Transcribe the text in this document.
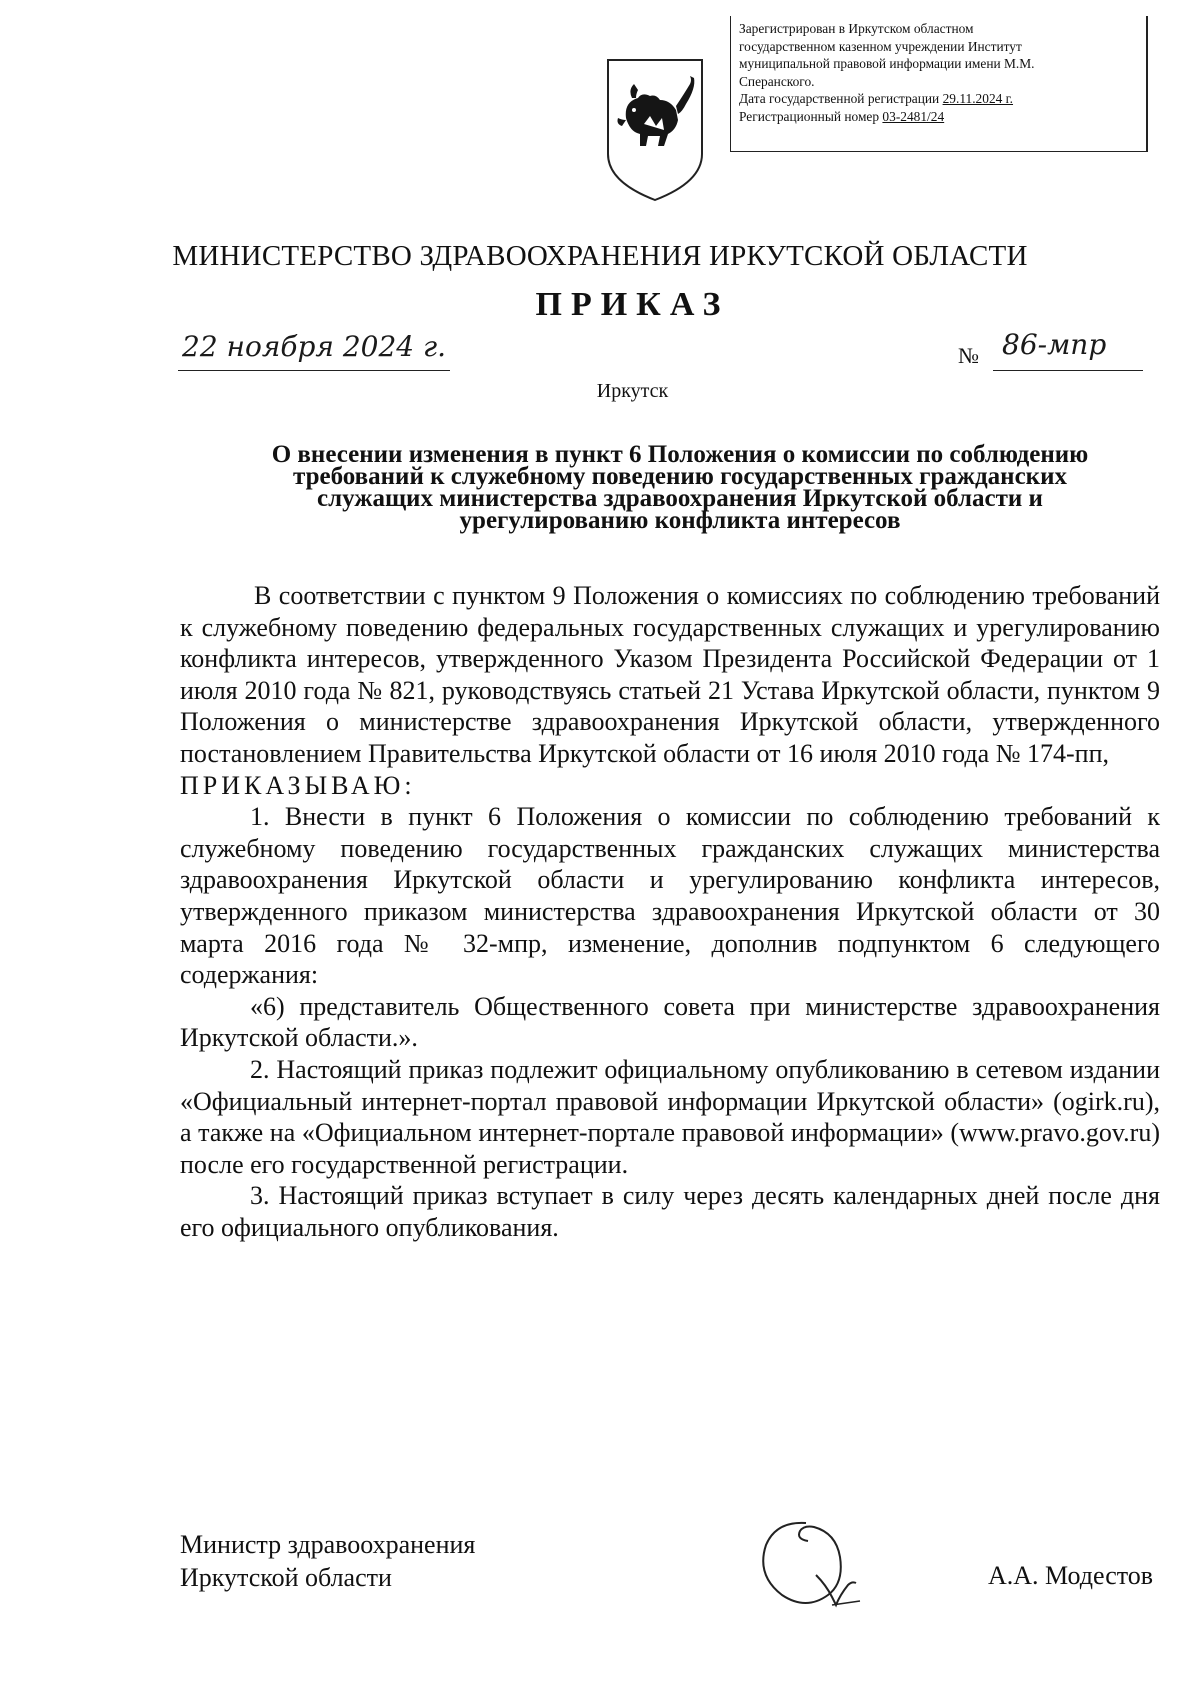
Зарегистрирован в Иркутском областном
государственном казенном учреждении Институт
муниципальной правовой информации имени М.М.
Сперанского.
Дата государственной регистрации 29.11.2024 г.
Регистрационный номер 03-2481/24
МИНИСТЕРСТВО ЗДРАВООХРАНЕНИЯ ИРКУТСКОЙ ОБЛАСТИ
ПРИКАЗ
22 ноября 2024 г.	№ 86-мпр
Иркутск
О внесении изменения в пункт 6 Положения о комиссии по соблюдению
требований к служебному поведению государственных гражданских
служащих министерства здравоохранения Иркутской области и
урегулированию конфликта интересов

В соответствии с пунктом 9 Положения о комиссиях по соблюдению требований к служебному поведению федеральных государственных служащих и урегулированию конфликта интересов, утвержденного Указом Президента Российской Федерации от 1 июля 2010 года № 821, руководствуясь статьей 21 Устава Иркутской области, пунктом 9 Положения о министерстве здравоохранения Иркутской области, утвержденного постановлением Правительства Иркутской области от 16 июля 2010 года № 174-пп,

ПРИКАЗЫВАЮ:

1. Внести в пункт 6 Положения о комиссии по соблюдению требований к служебному поведению государственных гражданских служащих министерства здравоохранения Иркутской области и урегулированию конфликта интересов, утвержденного приказом министерства здравоохранения Иркутской области от 30 марта 2016 года № 32-мпр, изменение, дополнив подпунктом 6 следующего содержания:

«6) представитель Общественного совета при министерстве здравоохранения Иркутской области.».

2. Настоящий приказ подлежит официальному опубликованию в сетевом издании «Официальный интернет-портал правовой информации Иркутской области» (ogirk.ru), а также на «Официальном интернет-портале правовой информации» (www.pravo.gov.ru) после его государственной регистрации.

3. Настоящий приказ вступает в силу через десять календарных дней после дня его официального опубликования.

Министр здравоохранения
Иркутской области	А.А. Модестов
